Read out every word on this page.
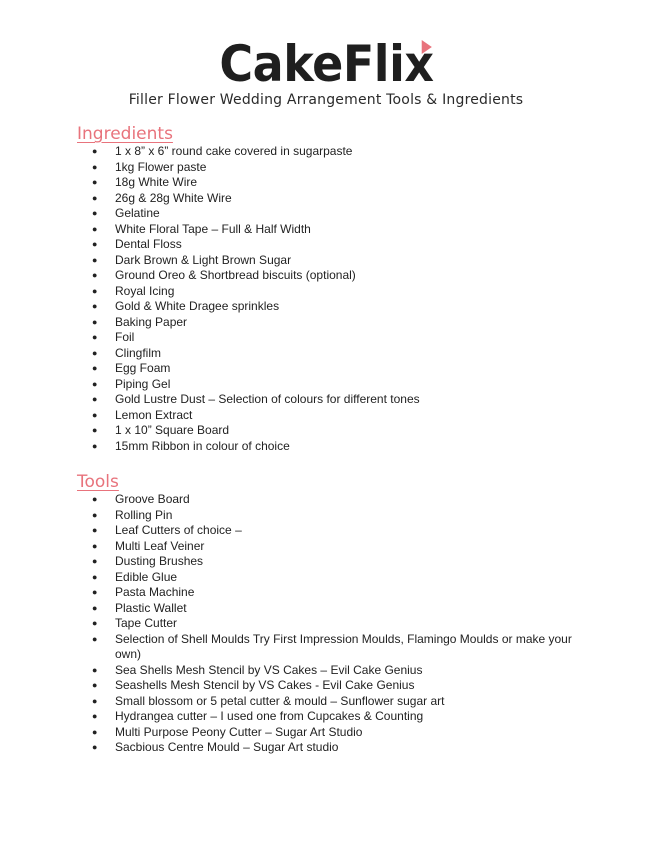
CakeFlix
Filler Flower Wedding Arrangement Tools & Ingredients
Ingredients
● 1 x 8” x 6” round cake covered in sugarpaste
● 1kg Flower paste
● 18g White Wire
● 26g & 28g White Wire
● Gelatine
● White Floral Tape – Full & Half Width
● Dental Floss
● Dark Brown & Light Brown Sugar
● Ground Oreo & Shortbread biscuits (optional)
● Royal Icing
● Gold & White Dragee sprinkles
● Baking Paper
● Foil
● Clingfilm
● Egg Foam
● Piping Gel
● Gold Lustre Dust – Selection of colours for different tones
● Lemon Extract
● 1 x 10” Square Board
● 15mm Ribbon in colour of choice
Tools
● Groove Board
● Rolling Pin
● Leaf Cutters of choice –
● Multi Leaf Veiner
● Dusting Brushes
● Edible Glue
● Pasta Machine
● Plastic Wallet
● Tape Cutter
● Selection of Shell Moulds Try First Impression Moulds, Flamingo Moulds or make your own)
● Sea Shells Mesh Stencil by VS Cakes – Evil Cake Genius
● Seashells Mesh Stencil by VS Cakes - Evil Cake Genius
● Small blossom or 5 petal cutter & mould – Sunflower sugar art
● Hydrangea cutter – I used one from Cupcakes & Counting
● Multi Purpose Peony Cutter – Sugar Art Studio
● Sacbious Centre Mould – Sugar Art studio
